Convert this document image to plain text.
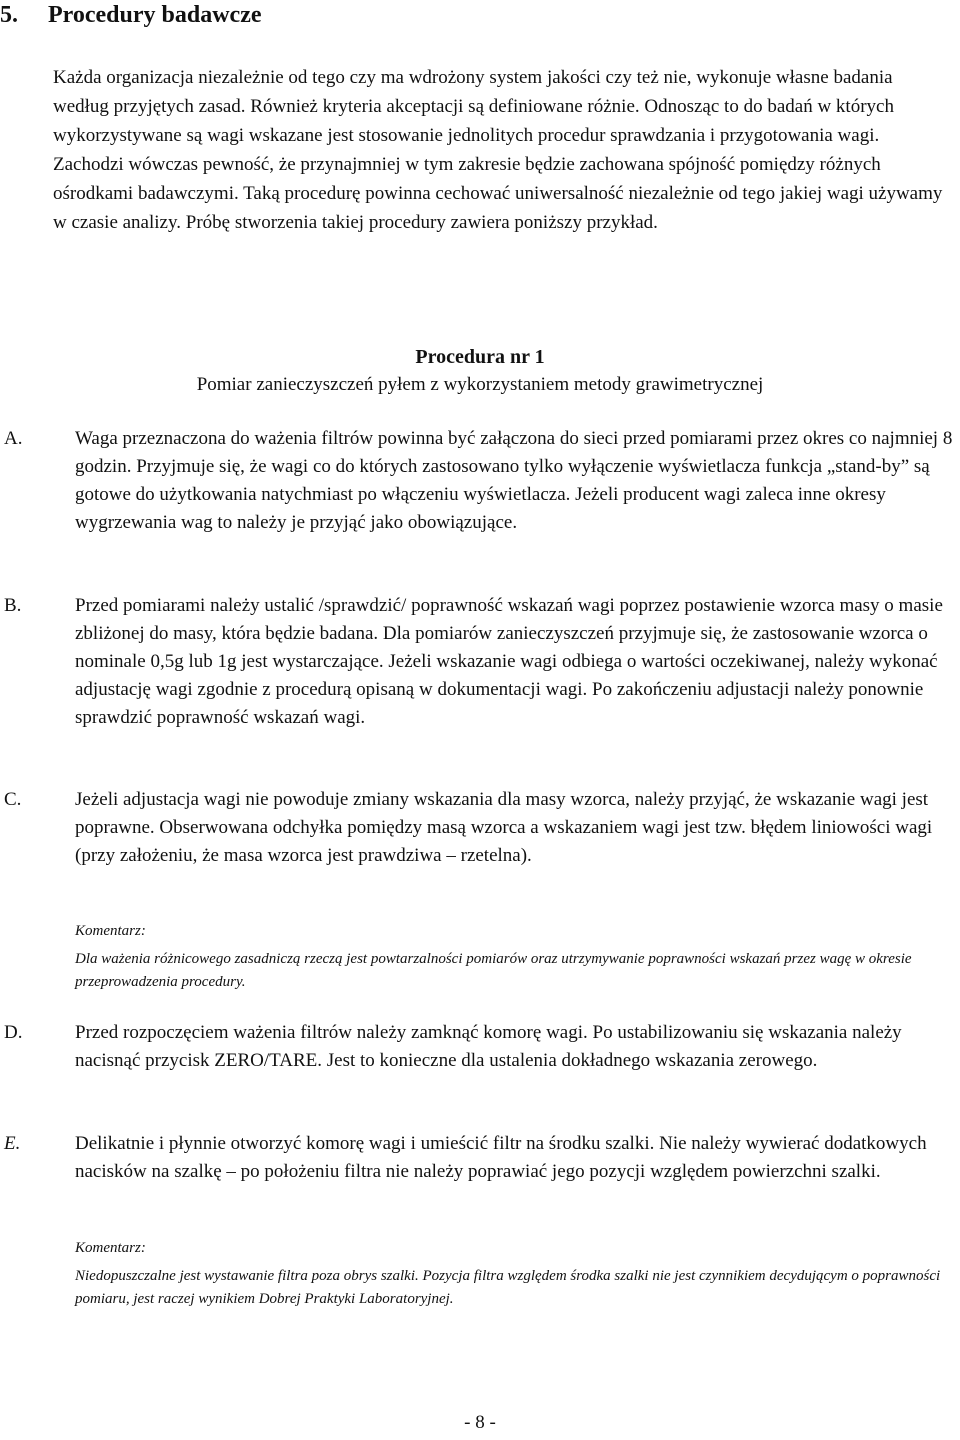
5. Procedury badawcze

Każda organizacja niezależnie od tego czy ma wdrożony system jakości czy też nie, wykonuje własne badania według przyjętych zasad. Również kryteria akceptacji są definiowane różnie. Odnosząc to do badań w których wykorzystywane są wagi wskazane jest stosowanie jednolitych procedur sprawdzania i przygotowania wagi. Zachodzi wówczas pewność, że przynajmniej w tym zakresie będzie zachowana spójność pomiędzy różnych ośrodkami badawczymi. Taką procedurę powinna cechować uniwersalność niezależnie od tego jakiej wagi używamy w czasie analizy. Próbę stworzenia takiej procedury zawiera poniższy przykład.

Procedura nr 1
Pomiar zanieczyszczeń pyłem z wykorzystaniem metody grawimetrycznej
A.	Waga przeznaczona do ważenia filtrów powinna być załączona do sieci przed pomiarami przez okres co najmniej 8 godzin. Przyjmuje się, że wagi co do których zastosowano tylko wyłączenie wyświetlacza funkcja „stand-by” są gotowe do użytkowania natychmiast po włączeniu wyświetlacza. Jeżeli producent wagi zaleca inne okresy wygrzewania wag to należy je przyjąć jako obowiązujące.

B.	Przed pomiarami należy ustalić /sprawdzić/ poprawność wskazań wagi poprzez postawienie wzorca masy o masie zbliżonej do masy, która będzie badana. Dla pomiarów zanieczyszczeń przyjmuje się, że zastosowanie wzorca o nominale 0,5g lub 1g jest wystarczające. Jeżeli wskazanie wagi odbiega o wartości oczekiwanej, należy wykonać adjustację wagi zgodnie z procedurą opisaną w dokumentacji wagi. Po zakończeniu adjustacji należy ponownie sprawdzić poprawność wskazań wagi.

C.	Jeżeli adjustacja wagi nie powoduje zmiany wskazania dla masy wzorca, należy przyjąć, że wskazanie wagi jest poprawne. Obserwowana odchyłka pomiędzy masą wzorca a wskazaniem wagi jest tzw. błędem liniowości wagi (przy założeniu, że masa wzorca jest prawdziwa – rzetelna).

Komentarz:
Dla ważenia różnicowego zasadniczą rzeczą jest powtarzalności pomiarów oraz utrzymywanie poprawności wskazań przez wagę w okresie przeprowadzenia procedury.
D.	Przed rozpoczęciem ważenia filtrów należy zamknąć komorę wagi. Po ustabilizowaniu się wskazania należy nacisnąć przycisk ZERO/TARE. Jest to konieczne dla ustalenia dokładnego wskazania zerowego.

E.	Delikatnie i płynnie otworzyć komorę wagi i umieścić filtr na środku szalki. Nie należy wywierać dodatkowych nacisków na szalkę – po położeniu filtra nie należy poprawiać jego pozycji względem powierzchni szalki.

Komentarz:
Niedopuszczalne jest wystawanie filtra poza obrys szalki. Pozycja filtra względem środka szalki nie jest czynnikiem decydującym o poprawności pomiaru, jest raczej wynikiem Dobrej Praktyki Laboratoryjnej.
- 8 -
